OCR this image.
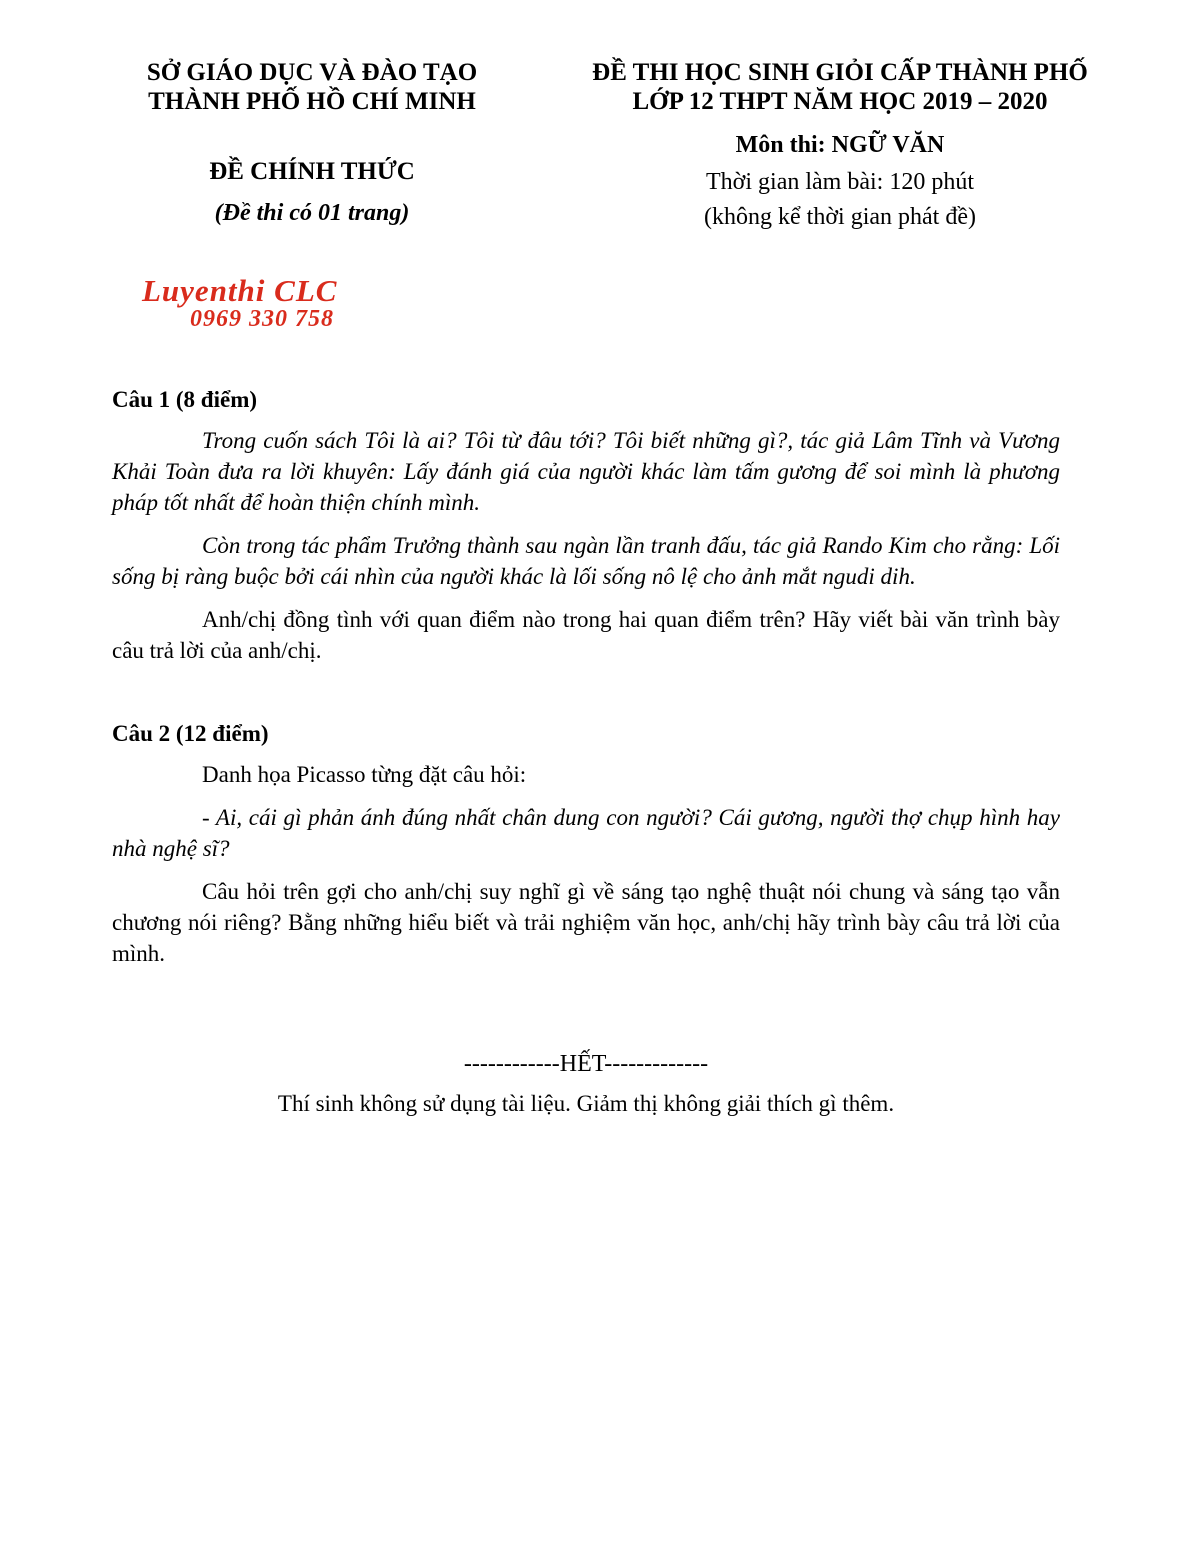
SỞ GIÁO DỤC VÀ ĐÀO TẠO
THÀNH PHỐ HỒ CHÍ MINH
ĐỀ CHÍNH THỨC
(Đề thi có 01 trang)
ĐỀ THI HỌC SINH GIỎI CẤP THÀNH PHỐ
LỚP 12 THPT NĂM HỌC 2019 – 2020
Môn thi: NGỮ VĂN
Thời gian làm bài: 120 phút
(không kể thời gian phát đề)
Luyenthi CLC
0969 330 758
Câu 1 (8 điểm)

Trong cuốn sách Tôi là ai? Tôi từ đâu tới? Tôi biết những gì?, tác giả Lâm Tĩnh và Vương Khải Toàn đưa ra lời khuyên: Lấy đánh giá của người khác làm tấm gương để soi mình là phương pháp tốt nhất để hoàn thiện chính mình.

Còn trong tác phẩm Trưởng thành sau ngàn lần tranh đấu, tác giả Rando Kim cho rằng: Lối sống bị ràng buộc bởi cái nhìn của người khác là lối sống nô lệ cho ảnh mắt ngudi dih.

Anh/chị đồng tình với quan điểm nào trong hai quan điểm trên? Hãy viết bài văn trình bày câu trả lời của anh/chị.

Câu 2 (12 điểm)

Danh họa Picasso từng đặt câu hỏi:

- Ai, cái gì phản ánh đúng nhất chân dung con người? Cái gương, người thợ chụp hình hay nhà nghệ sĩ?

Câu hỏi trên gợi cho anh/chị suy nghĩ gì về sáng tạo nghệ thuật nói chung và sáng tạo vẫn chương nói riêng? Bằng những hiểu biết và trải nghiệm văn học, anh/chị hãy trình bày câu trả lời của mình.

------------HẾT-------------
Thí sinh không sử dụng tài liệu. Giảm thị không giải thích gì thêm.
